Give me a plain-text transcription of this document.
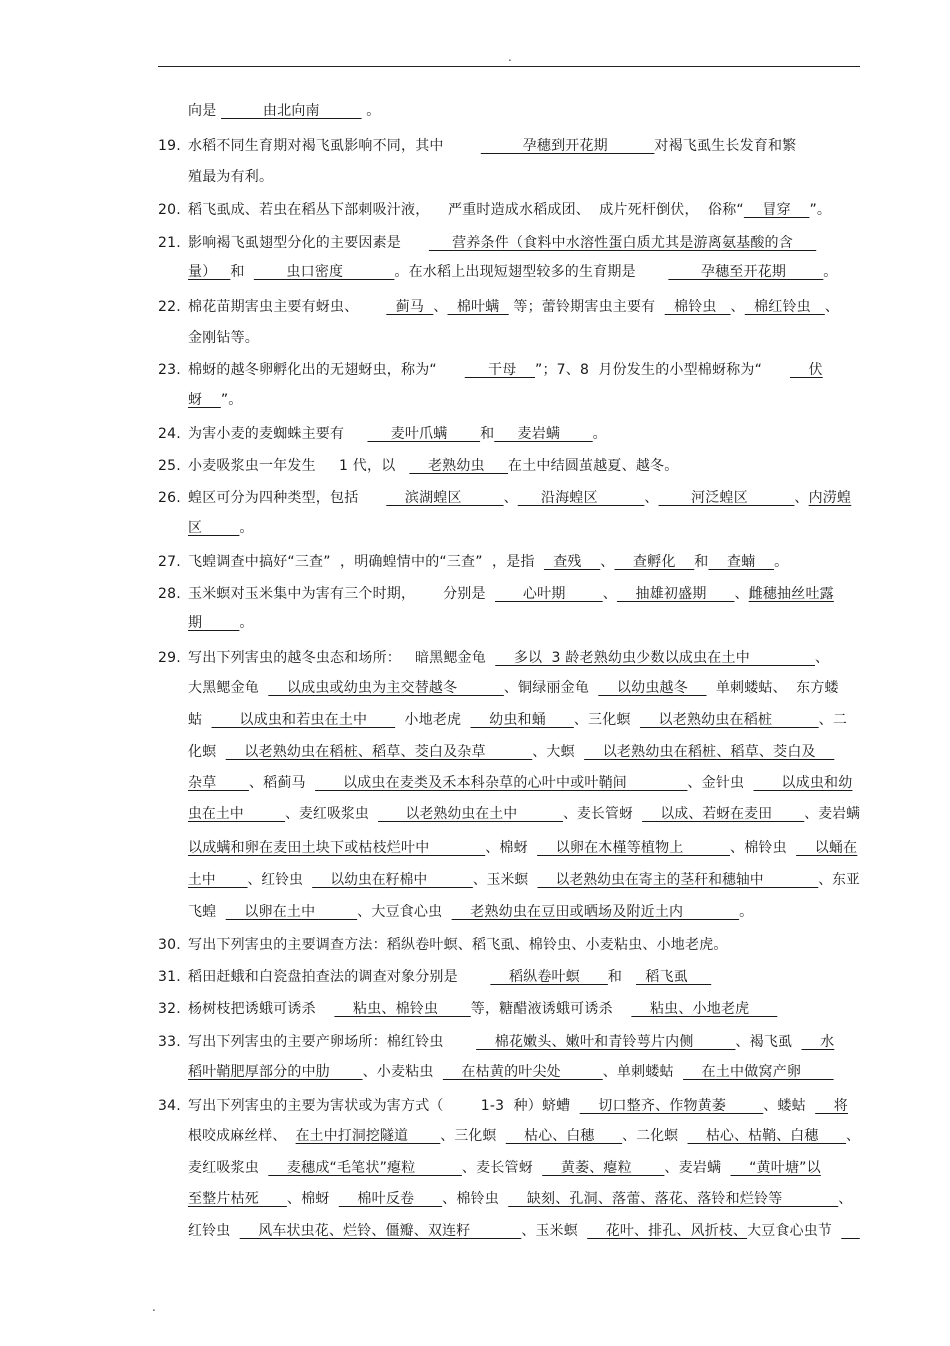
.
向是          由北向南          。
19. 水稻不同生育期对褐飞虱影响不同，其中                 孕穗到开花期          对褐飞虱生长发育和繁
殖最为有利。
20. 稻飞虱成、若虫在稻丛下部刺吸汁液，    严重时造成水稻成团、  成片死杆倒伏，  俗称“    冒穿    ”。
21. 影响褐飞虱翅型分化的主要因素是           营养条件（食料中水溶性蛋白质尤其是游离氨基酸的含
量）   和         虫口密度           。在水稻上出现短翅型较多的生育期是              孕穗至开花期        。
22. 棉花苗期害虫主要有蚜虫、        蓟马  、  棉叶螨   等；蕾铃期害虫主要有    棉铃虫   、  棉红铃虫   、
金刚钻等。
23. 棉蚜的越冬卵孵化出的无翅蚜虫，称为“           干母    ”；7、8  月份发生的小型棉蚜称为“          伏
蚜    ”。
24. 为害小麦的麦蜘蛛主要有          麦叶爪螨       和     麦岩螨       。
25. 小麦吸浆虫一年发生     1 代，以       老熟幼虫     在土中结圆茧越夏、越冬。
26. 蝗区可分为四种类型，包括          滨湖蝗区         、     沿海蝗区          、       河泛蝗区          、内涝蝗
区        。
27. 飞蝗调查中搞好“三查”  ，明确蝗情中的“三查”  ，是指    查残    、    查孵化    和    查蝻    。
28. 玉米螟对玉米集中为害有三个时期，      分别是        心叶期        、    抽雄初盛期      、雌穗抽丝吐露
期        。
29. 写出下列害虫的越冬虫态和场所：   暗黑鳃金龟      多以  3 龄老熟幼虫少数以成虫在土中              、
大黑鳃金龟      以成虫或幼虫为主交替越冬          、铜绿丽金龟      以幼虫越冬      单刺蝼蛄、  东方蝼
蛄        以成虫和若虫在土中        小地老虎      幼虫和蛹      、三化螟      以老熟幼虫在稻桩          、二
化螟      以老熟幼虫在稻桩、稻草、茭白及杂草          、大螟      以老熟幼虫在稻桩、稻草、茭白及
杂草       、稻蓟马        以成虫在麦类及禾本科杂草的心叶中或叶鞘间             、金针虫        以成虫和幼
虫在土中         、麦红吸浆虫        以老熟幼虫在土中          、麦长管蚜      以成、若蚜在麦田       、麦岩螨
以成螨和卵在麦田土块下或枯枝烂叶中            、棉蚜      以卵在木槿等植物上          、棉铃虫      以蛹在
土中       、红铃虫      以幼虫在籽棉中          、玉米螟      以老熟幼虫在寄主的茎秆和穗轴中            、东亚
飞蝗      以卵在土中         、大豆食心虫      老熟幼虫在豆田或晒场及附近土内            。
30. 写出下列害虫的主要调查方法：稻纵卷叶螟、稻飞虱、棉铃虫、小麦粘虫、小地老虎。
31. 稻田赶蛾和白瓷盘拍查法的调查对象分别是           稻纵卷叶螟      和     稻飞虱
32. 杨树枝把诱蛾可诱杀        粘虫、棉铃虫       等，糖醋液诱蛾可诱杀        粘虫、小地老虎
33. 写出下列害虫的主要产卵场所：棉红铃虫           棉花嫩头、嫩叶和青铃萼片内侧         、褐飞虱      水
稻叶鞘肥厚部分的中肋       、小麦粘虫      在枯黄的叶尖处         、单刺蝼蛄      在土中做窝产卵
34. 写出下列害虫的主要为害状或为害方式（        1-3  种）蛴螬      切口整齐、作物黄萎        、蝼蛄      将
根咬成麻丝样、  在土中打洞挖隧道       、三化螟      枯心、白穗      、二化螟      枯心、枯鞘、白穗      、
麦红吸浆虫      麦穗成“毛笔状”瘪粒          、麦长管蚜      黄萎、瘪粒       、麦岩螨      “黄叶塘”以
至整片枯死      、棉蚜      棉叶反卷      、棉铃虫      缺刻、孔洞、落蕾、落花、落铃和烂铃等            、
红铃虫      风车状虫花、烂铃、僵瓣、双连籽           、玉米螟      花叶、排孔、风折枝、大豆食心虫节
.
